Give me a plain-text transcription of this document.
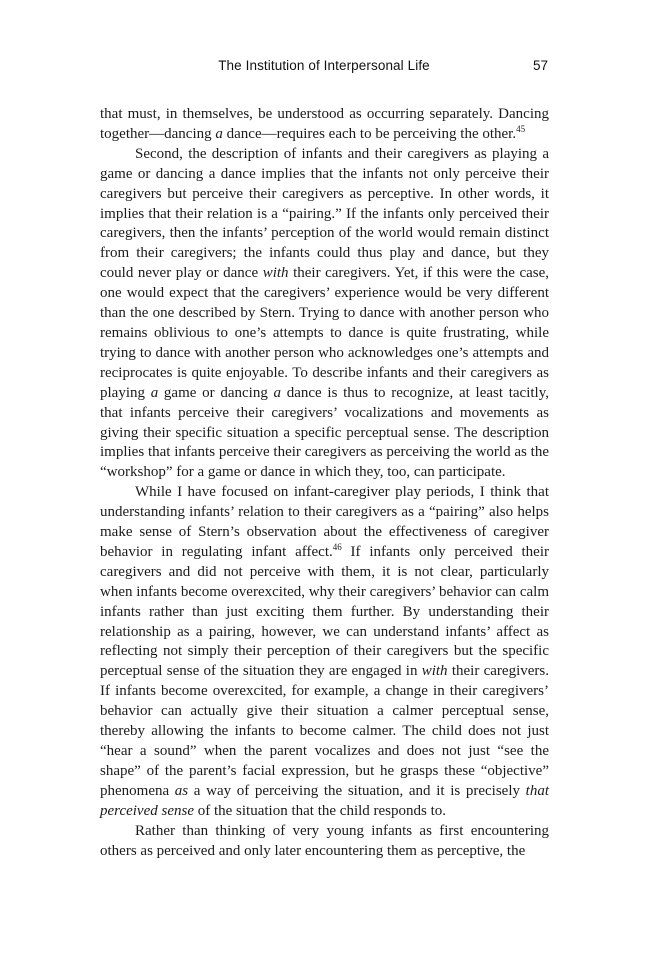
The Institution of Interpersonal Life	57

that must, in themselves, be understood as occurring separately. Dancing together—dancing a dance—requires each to be perceiving the other.$^{45}$

Second, the description of infants and their caregivers as playing a game or dancing a dance implies that the infants not only perceive their caregivers but perceive their caregivers as perceptive. In other words, it implies that their relation is a “pairing.” If the infants only perceived their caregivers, then the infants’ perception of the world would remain distinct from their caregivers; the infants could thus play and dance, but they could never play or dance with their caregivers. Yet, if this were the case, one would expect that the caregivers’ experience would be very different than the one described by Stern. Trying to dance with another person who remains oblivious to one’s attempts to dance is quite frustrating, while trying to dance with another person who acknowledges one’s attempts and reciprocates is quite enjoyable. To describe infants and their caregivers as playing a game or dancing a dance is thus to recognize, at least tacitly, that infants perceive their caregivers’ vocalizations and movements as giving their specific situation a specific perceptual sense. The description implies that infants perceive their caregivers as perceiving the world as the “workshop” for a game or dance in which they, too, can participate.

While I have focused on infant-caregiver play periods, I think that understanding infants’ relation to their caregivers as a “pairing” also helps make sense of Stern’s observation about the effectiveness of caregiver behavior in regulating infant affect.$^{46}$ If infants only perceived their caregivers and did not perceive with them, it is not clear, particularly when infants become overexcited, why their caregivers’ behavior can calm infants rather than just exciting them further. By understanding their relationship as a pairing, however, we can understand infants’ affect as reflecting not simply their perception of their caregivers but the specific perceptual sense of the situation they are engaged in with their caregivers. If infants become overexcited, for example, a change in their caregivers’ behavior can actually give their situation a calmer perceptual sense, thereby allowing the infants to become calmer. The child does not just “hear a sound” when the parent vocalizes and does not just “see the shape” of the parent’s facial expression, but he grasps these “objective” phenomena as a way of perceiving the situation, and it is precisely that perceived sense of the situation that the child responds to.

Rather than thinking of very young infants as first encountering others as perceived and only later encountering them as perceptive, the
